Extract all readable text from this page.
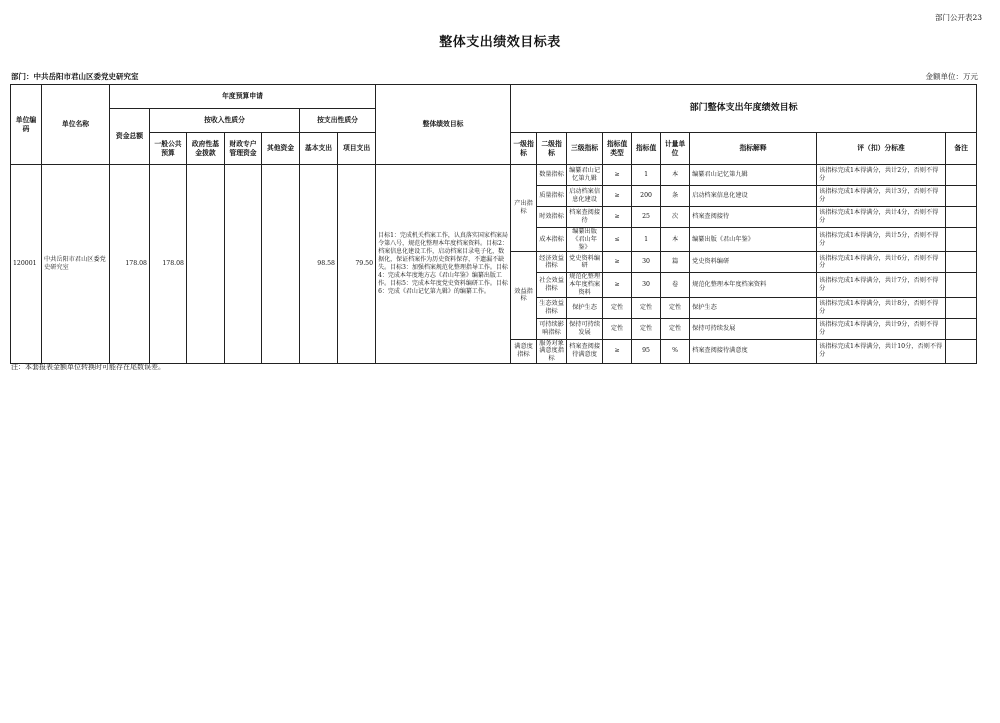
部门公开表23
整体支出绩效目标表
部门：中共岳阳市君山区委党史研究室	金额单位：万元
单位编码	单位名称	年度预算申请							整体绩效目标	部门整体支出年度绩效目标								
		资金总额	按收入性质分				按支出性质分											
			一般公共预算	政府性基金拨款	财政专户管理资金	其他资金	基本支出	项目支出		一级指标	二级指标	三级指标	指标值类型	指标值	计量单位	指标解释	评（扣）分标准	备注
120001	中共岳阳市君山区委党史研究室	178.08	178.08				98.58	79.50	目标1：完成机关档案工作，认真落实国家档案局令第八号，规范化整理本年度档案资料。目标2：档案信息化建设工作，启动档案目录电子化，数据化，保证档案作为历史资料保存，不遗漏不缺失。目标3：加强档案规范化整理指导工作。目标4：完成本年度地方志《君山年鉴》编纂出版工作。目标5：完成本年度党史资料编研工作。目标6：完成《君山记忆第九辑》的编纂工作。	产出指标	数量指标	编纂君山记忆第九辑	≥	1	本	编纂君山记忆第九辑	该指标完成1本得满分，共计2分，否则不得分	
											质量指标	启动档案信息化建设	≥	200	条	启动档案信息化建设	该指标完成1本得满分，共计3分，否则不得分	
											时效指标	档案查阅接待	≥	25	次	档案查阅接待	该指标完成1本得满分，共计4分，否则不得分	
											成本指标	编纂出版《君山年鉴》	≤	1	本	编纂出版《君山年鉴》	该指标完成1本得满分，共计5分，否则不得分	
										效益指标	经济效益指标	党史资料编研	≥	30	篇	党史资料编研	该指标完成1本得满分，共计6分，否则不得分	
											社会效益指标	规范化整理本年度档案资料	≥	30	卷	规范化整理本年度档案资料	该指标完成1本得满分，共计7分，否则不得分	
											生态效益指标	保护生态	定性	定性	定性	保护生态	该指标完成1本得满分，共计8分，否则不得分	
											可持续影响指标	保持可持续发展	定性	定性	定性	保持可持续发展	该指标完成1本得满分，共计9分，否则不得分	
										满意度指标	服务对象满意度指标	档案查阅接待满意度	≥	95	%	档案查阅接待满意度	该指标完成1本得满分，共计10分，否则不得分	
注：本套报表金额单位转换时可能存在尾数误差。
